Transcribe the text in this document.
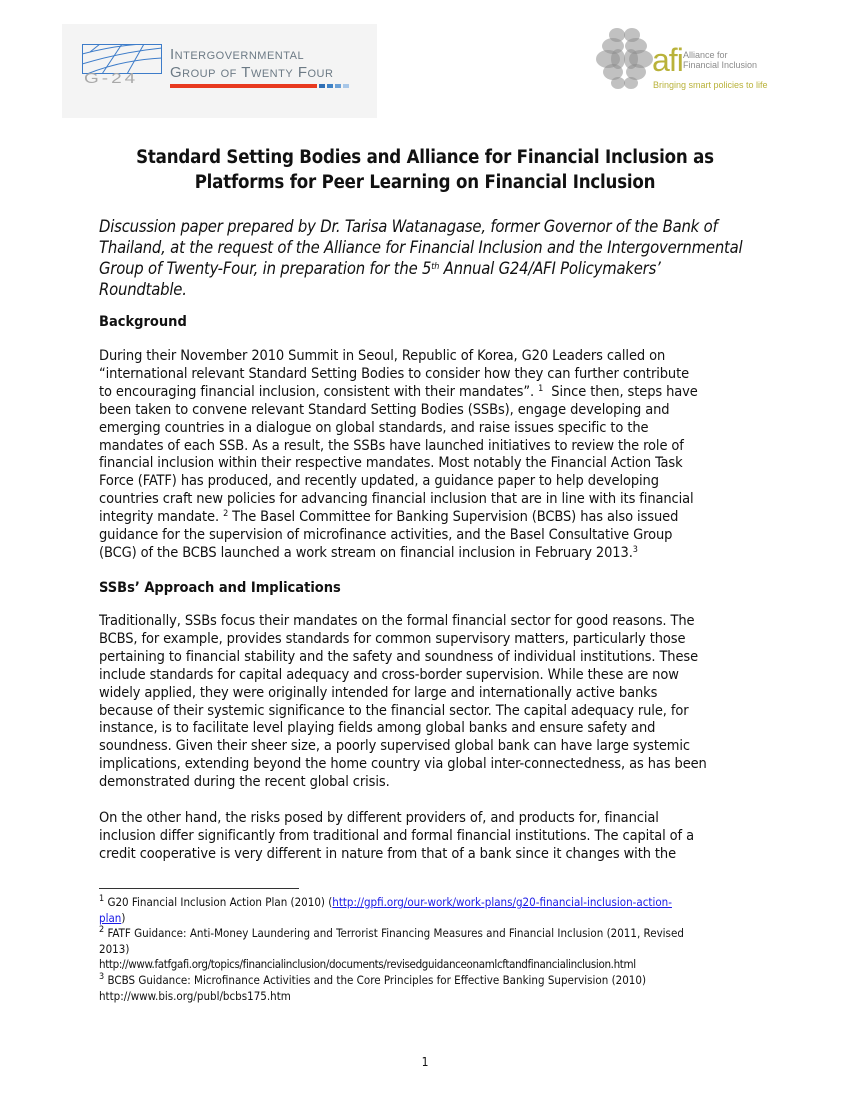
G-24
Intergovernmental
Group of Twenty Four	afi Alliance for
Financial Inclusion
Bringing smart policies to life
Standard Setting Bodies and Alliance for Financial Inclusion as
Platforms for Peer Learning on Financial Inclusion
Discussion paper prepared by Dr. Tarisa Watanagase, former Governor of the Bank of
Thailand, at the request of the Alliance for Financial Inclusion and the Intergovernmental
Group of Twenty-Four, in preparation for the 5th Annual G24/AFI Policymakers’
Roundtable.
Background
During their November 2010 Summit in Seoul, Republic of Korea, G20 Leaders called on
“international relevant Standard Setting Bodies to consider how they can further contribute
to encouraging financial inclusion, consistent with their mandates”. $^1$  Since then, steps have
been taken to convene relevant Standard Setting Bodies (SSBs), engage developing and
emerging countries in a dialogue on global standards, and raise issues specific to the
mandates of each SSB. As a result, the SSBs have launched initiatives to review the role of
financial inclusion within their respective mandates. Most notably the Financial Action Task
Force (FATF) has produced, and recently updated, a guidance paper to help developing
countries craft new policies for advancing financial inclusion that are in line with its financial
integrity mandate. $^2$ The Basel Committee for Banking Supervision (BCBS) has also issued
guidance for the supervision of microfinance activities, and the Basel Consultative Group
(BCG) of the BCBS launched a work stream on financial inclusion in February 2013.$^3$
SSBs’ Approach and Implications
Traditionally, SSBs focus their mandates on the formal financial sector for good reasons. The
BCBS, for example, provides standards for common supervisory matters, particularly those
pertaining to financial stability and the safety and soundness of individual institutions. These
include standards for capital adequacy and cross-border supervision. While these are now
widely applied, they were originally intended for large and internationally active banks
because of their systemic significance to the financial sector. The capital adequacy rule, for
instance, is to facilitate level playing fields among global banks and ensure safety and
soundness. Given their sheer size, a poorly supervised global bank can have large systemic
implications, extending beyond the home country via global inter-connectedness, as has been
demonstrated during the recent global crisis.
On the other hand, the risks posed by different providers of, and products for, financial
inclusion differ significantly from traditional and formal financial institutions. The capital of a
credit cooperative is very different in nature from that of a bank since it changes with the
$^1$ G20 Financial Inclusion Action Plan (2010) (http://gpfi.org/our-work/work-plans/g20-financial-inclusion-action-
plan)
$^2$ FATF Guidance: Anti-Money Laundering and Terrorist Financing Measures and Financial Inclusion (2011, Revised
2013)
http://www.fatfgafi.org/topics/financialinclusion/documents/revisedguidanceonamlcftandfinancialinclusion.html
$^3$ BCBS Guidance: Microfinance Activities and the Core Principles for Effective Banking Supervision (2010)
http://www.bis.org/publ/bcbs175.htm
1
